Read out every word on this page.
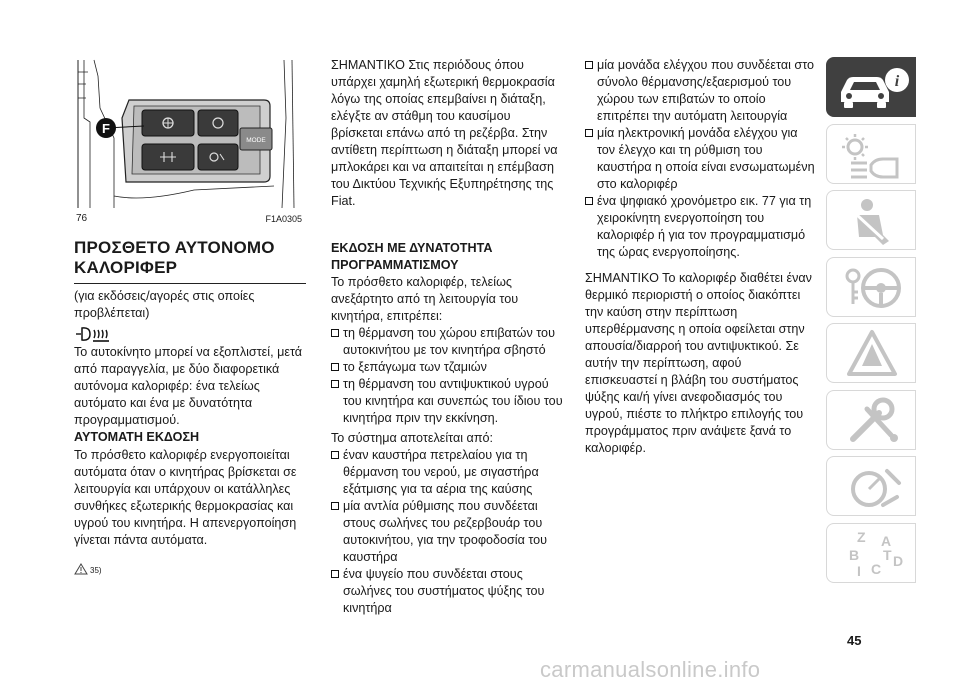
MODE
F
76	F1A0305
ΠΡΟΣΘΕΤΟ ΑΥΤΟΝΟΜΟ
ΚΑΛΟΡΙΦΕΡ

(για εκδόσεις/αγορές στις οποίες προβλέπεται)

Το αυτοκίνητο μπορεί να εξοπλιστεί, μετά από παραγγελία, με δύο διαφορετικά αυτόνομα καλοριφέρ: ένα τελείως αυτόματο και ένα με δυνατότητα προγραμματισμού.

ΑΥΤΟΜΑΤΗ ΕΚΔΟΣΗ

Το πρόσθετο καλοριφέρ ενεργοποιείται αυτόματα όταν ο κινητήρας βρίσκεται σε λειτουργία και υπάρχουν οι κατάλληλες συνθήκες εξωτερικής θερμοκρασίας και υγρού του κινητήρα. Η απενεργοποίηση γίνεται πάντα αυτόματα.

35)

ΣΗΜΑΝΤΙΚΟ Στις περιόδους όπου υπάρχει χαμηλή εξωτερική θερμοκρασία λόγω της οποίας επεμβαίνει η διάταξη, ελέγξτε αν στάθμη του καυσίμου βρίσκεται επάνω από τη ρεζέρβα. Στην αντίθετη περίπτωση η διάταξη μπορεί να μπλοκάρει και να απαιτείται η επέμβαση του Δικτύου Τεχνικής Εξυπηρέτησης της Fiat.

ΕΚΔΟΣΗ ΜΕ ΔΥΝΑΤΟΤΗΤΑ ΠΡΟΓΡΑΜΜΑΤΙΣΜΟΥ

Το πρόσθετο καλοριφέρ, τελείως ανεξάρτητο από τη λειτουργία του κινητήρα, επιτρέπει:

τη θέρμανση του χώρου επιβατών του αυτοκινήτου με τον κινητήρα σβηστό

το ξεπάγωμα των τζαμιών

τη θέρμανση του αντιψυκτικού υγρού του κινητήρα και συνεπώς του ίδιου του κινητήρα πριν την εκκίνηση.

Το σύστημα αποτελείται από:

έναν καυστήρα πετρελαίου για τη θέρμανση του νερού, με σιγαστήρα εξάτμισης για τα αέρια της καύσης

μία αντλία ρύθμισης που συνδέεται στους σωλήνες του ρεζερβουάρ του αυτοκινήτου, για την τροφοδοσία του καυστήρα

ένα ψυγείο που συνδέεται στους σωλήνες του συστήματος ψύξης του κινητήρα

μία μονάδα ελέγχου που συνδέεται στο σύνολο θέρμανσης/εξαερισμού του χώρου των επιβατών το οποίο επιτρέπει την αυτόματη λειτουργία

μία ηλεκτρονική μονάδα ελέγχου για τον έλεγχο και τη ρύθμιση του καυστήρα η οποία είναι ενσωματωμένη στο καλοριφέρ

ένα ψηφιακό χρονόμετρο εικ. 77 για τη χειροκίνητη ενεργοποίηση του καλοριφέρ ή για τον προγραμματισμό της ώρας ενεργοποίησης.

ΣΗΜΑΝΤΙΚΟ Το καλοριφέρ διαθέτει έναν θερμικό περιοριστή ο οποίος διακόπτει την καύση στην περίπτωση υπερθέρμανσης η οποία οφείλεται στην απουσία/διαρροή του αντιψυκτικού. Σε αυτήν την περίπτωση, αφού επισκευαστεί η βλάβη του συστήματος ψύξης και/ή γίνει ανεφοδιασμός του υγρού, πιέστε το πλήκτρο επιλογής του προγράμματος πριν ανάψετε ξανά το καλοριφέρ.

i
Z A
B
C D
I
T
45
carmanualsonline.info
